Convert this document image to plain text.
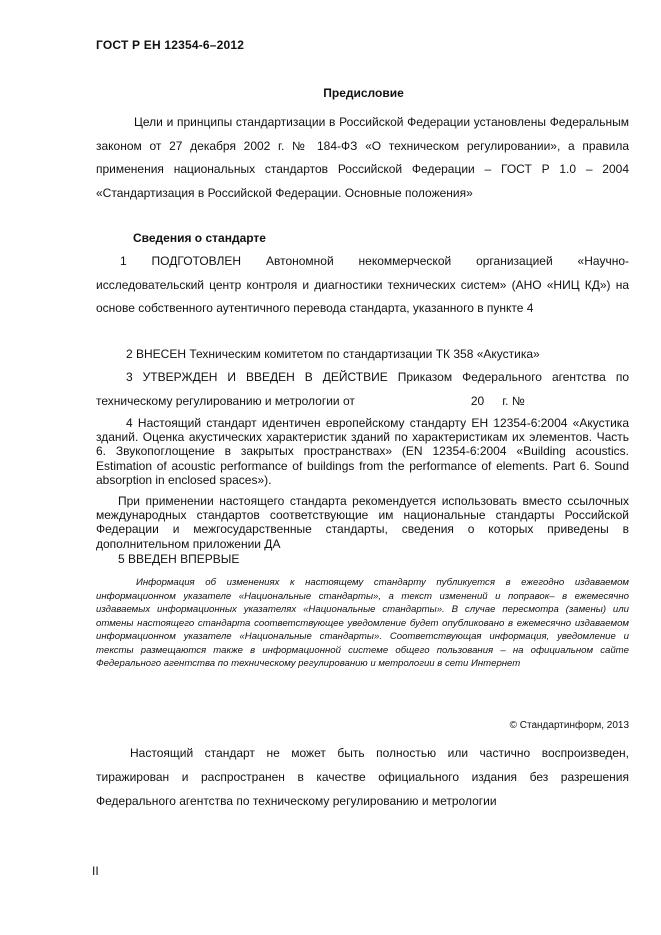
ГОСТ Р ЕН 12354-6–2012
Предисловие
Цели и принципы стандартизации в Российской Федерации установлены Федеральным законом от 27 декабря 2002 г. № 184-ФЗ «О техническом регулировании», а правила применения национальных стандартов Российской Федерации – ГОСТ Р 1.0 – 2004 «Стандартизация в Российской Федерации. Основные положения»
Сведения о стандарте
1 ПОДГОТОВЛЕН Автономной некоммерческой организацией «Научно-исследовательский центр контроля и диагностики технических систем» (АНО «НИЦ КД») на основе собственного аутентичного перевода стандарта, указанного в пункте 4
2 ВНЕСЕН Техническим комитетом по стандартизации ТК 358 «Акустика»
3 УТВЕРЖДЕН И ВВЕДЕН В ДЕЙСТВИЕ Приказом Федерального агентства по техническому регулированию и метрологии от	20 г. №
4 Настоящий стандарт идентичен европейскому стандарту ЕН 12354-6:2004 «Акустика зданий. Оценка акустических характеристик зданий по характеристикам их элементов. Часть 6. Звукопоглощение в закрытых пространствах» (EN 12354-6:2004 «Building acoustics. Estimation of acoustic performance of buildings from the performance of elements. Part 6. Sound absorption in enclosed spaces»).
При применении настоящего стандарта рекомендуется использовать вместо ссылочных международных стандартов соответствующие им национальные стандарты Российской Федерации и межгосударственные стандарты, сведения о которых приведены в дополнительном приложении ДА
5 ВВЕДЕН ВПЕРВЫЕ
Информация об изменениях к настоящему стандарту публикуется в ежегодно издаваемом информационном указателе «Национальные стандарты», а текст изменений и поправок– в ежемесячно издаваемых информационных указателях «Национальные стандарты». В случае пересмотра (замены) или отмены настоящего стандарта соответствующее уведомление будет опубликовано в ежемесячно издаваемом информационном указателе «Национальные стандарты». Соответствующая информация, уведомление и тексты размещаются также в информационной системе общего пользования – на официальном сайте Федерального агентства по техническому регулированию и метрологии в сети Интернет
© Стандартинформ, 2013
Настоящий стандарт не может быть полностью или частично воспроизведен, тиражирован и распространен в качестве официального издания без разрешения Федерального агентства по техническому регулированию и метрологии
II
